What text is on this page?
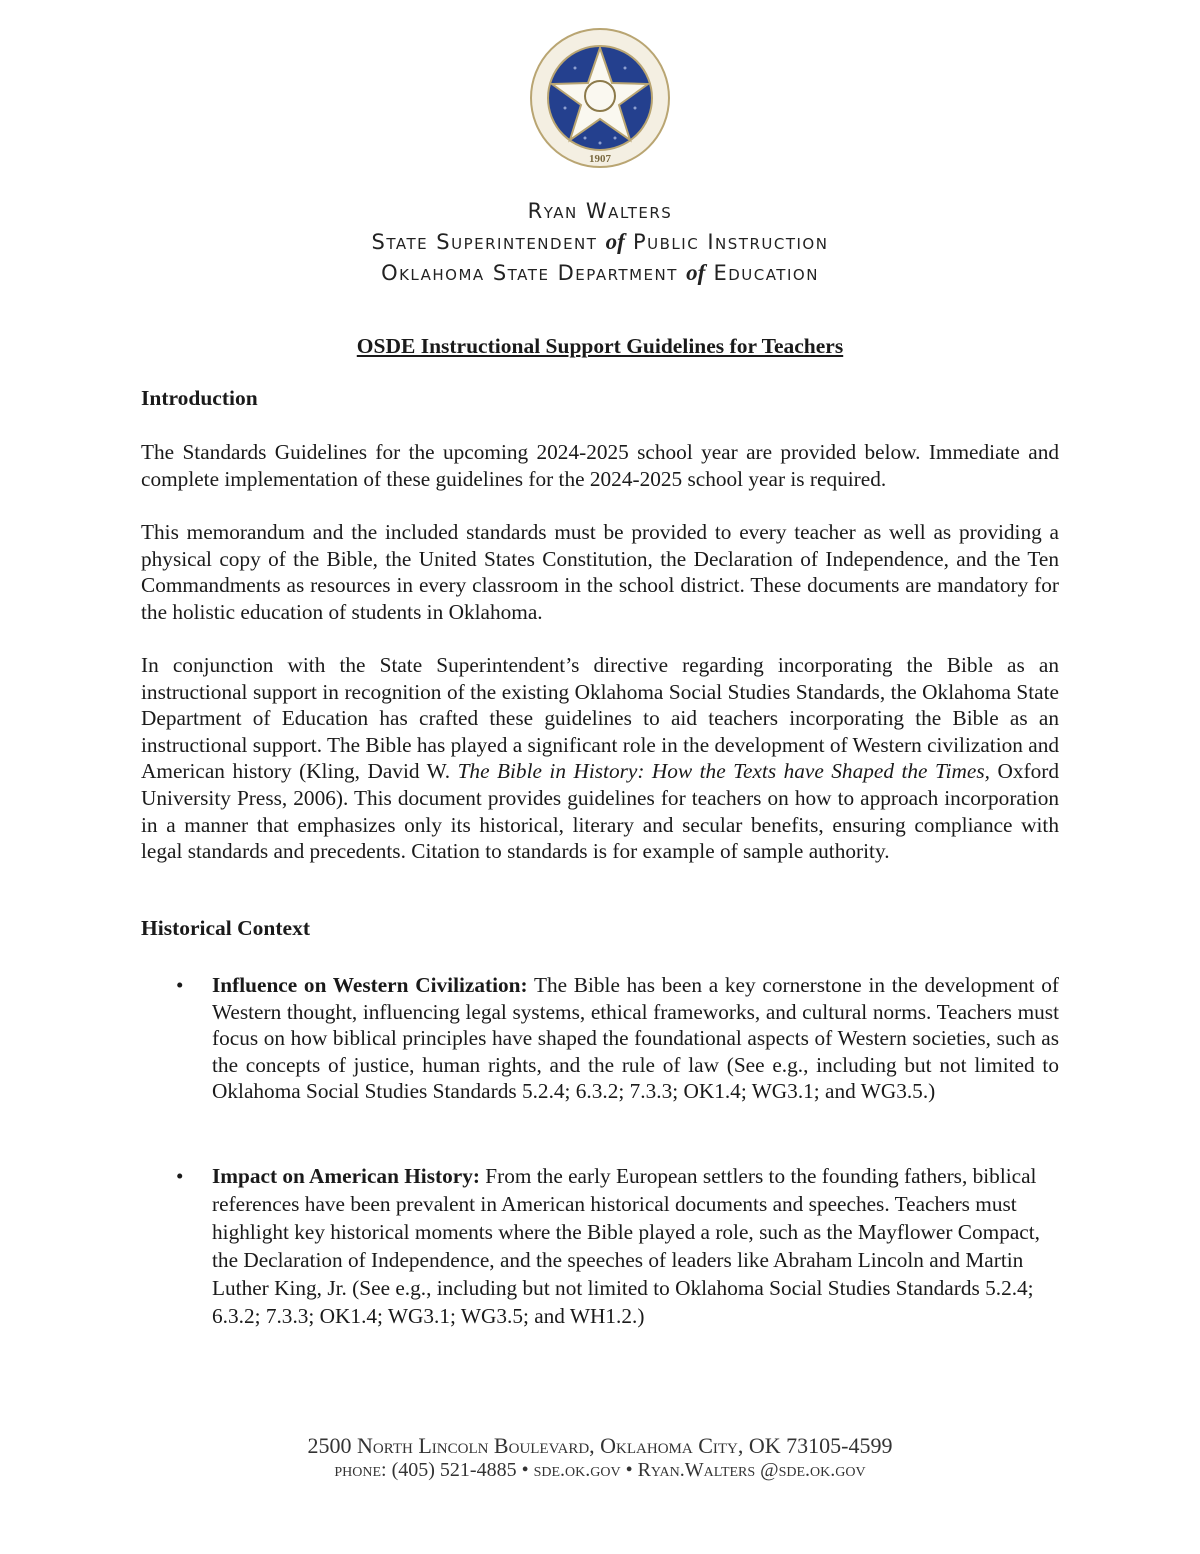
1907
Ryan Walters
State Superintendent of Public Instruction
Oklahoma State Department of Education
OSDE Instructional Support Guidelines for Teachers
Introduction
The Standards Guidelines for the upcoming 2024-2025 school year are provided below. Immediate and complete implementation of these guidelines for the 2024-2025 school year is required.
This memorandum and the included standards must be provided to every teacher as well as providing a physical copy of the Bible, the United States Constitution, the Declaration of Independence, and the Ten Commandments as resources in every classroom in the school district. These documents are mandatory for the holistic education of students in Oklahoma.
In conjunction with the State Superintendent’s directive regarding incorporating the Bible as an instructional support in recognition of the existing Oklahoma Social Studies Standards, the Oklahoma State Department of Education has crafted these guidelines to aid teachers incorporating the Bible as an instructional support. The Bible has played a significant role in the development of Western civilization and American history (Kling, David W. The Bible in History: How the Texts have Shaped the Times, Oxford University Press, 2006). This document provides guidelines for teachers on how to approach incorporation in a manner that emphasizes only its historical, literary and secular benefits, ensuring compliance with legal standards and precedents. Citation to standards is for example of sample authority.
Historical Context
• Influence on Western Civilization: The Bible has been a key cornerstone in the development of Western thought, influencing legal systems, ethical frameworks, and cultural norms. Teachers must focus on how biblical principles have shaped the foundational aspects of Western societies, such as the concepts of justice, human rights, and the rule of law (See e.g., including but not limited to Oklahoma Social Studies Standards 5.2.4; 6.3.2; 7.3.3; OK1.4; WG3.1; and WG3.5.)
• Impact on American History: From the early European settlers to the founding fathers, biblical references have been prevalent in American historical documents and speeches. Teachers must highlight key historical moments where the Bible played a role, such as the Mayflower Compact, the Declaration of Independence, and the speeches of leaders like Abraham Lincoln and Martin Luther King, Jr. (See e.g., including but not limited to Oklahoma Social Studies Standards 5.2.4; 6.3.2; 7.3.3; OK1.4; WG3.1; WG3.5; and WH1.2.)
2500 North Lincoln Boulevard, Oklahoma City, OK 73105-4599
phone: (405) 521-4885 • sde.ok.gov • Ryan.Walters @sde.ok.gov
